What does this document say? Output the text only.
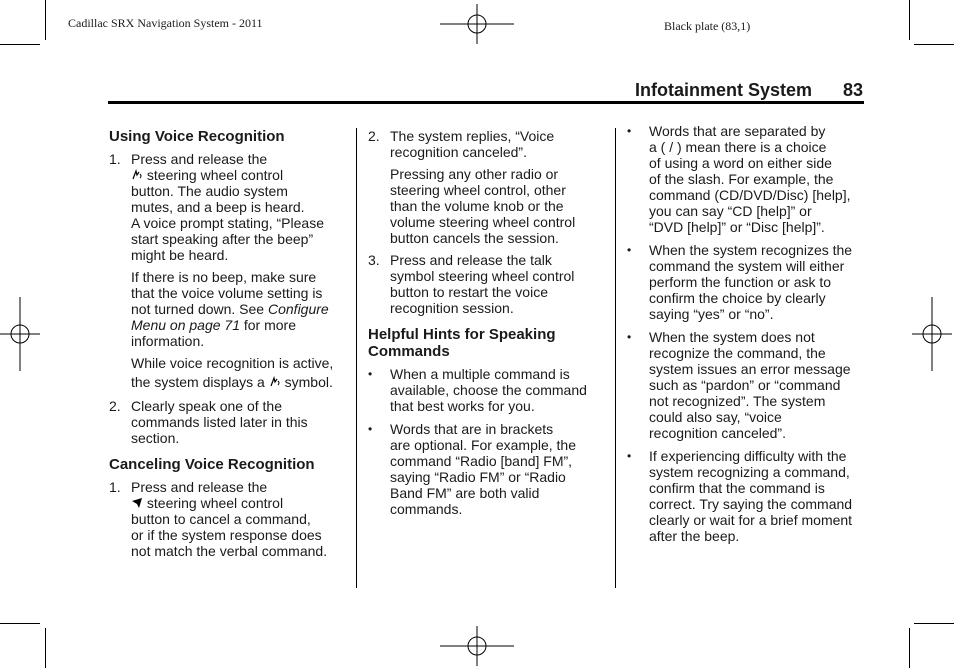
Cadillac SRX Navigation System - 2011	Black plate (83,1)
Infotainment System 83
Using Voice Recognition
1. Press and release the
steering wheel control
button. The audio system
mutes, and a beep is heard.
A voice prompt stating, “Please
start speaking after the beep”
might be heard.
If there is no beep, make sure
that the voice volume setting is
not turned down. See Configure
Menu on page 71 for more
information.
While voice recognition is active,
the system displays a symbol.
2. Clearly speak one of the
commands listed later in this
section.
Canceling Voice Recognition
1. Press and release the
steering wheel control
button to cancel a command,
or if the system response does
not match the verbal command.
2. The system replies, “Voice
recognition canceled”.
Pressing any other radio or
steering wheel control, other
than the volume knob or the
volume steering wheel control
button cancels the session.
3. Press and release the talk
symbol steering wheel control
button to restart the voice
recognition session.
Helpful Hints for Speaking
Commands
• When a multiple command is
available, choose the command
that best works for you.
• Words that are in brackets
are optional. For example, the
command “Radio [band] FM”,
saying “Radio FM” or “Radio
Band FM” are both valid
commands.
• Words that are separated by
a ( / ) mean there is a choice
of using a word on either side
of the slash. For example, the
command (CD/DVD/Disc) [help],
you can say “CD [help]” or
“DVD [help]” or “Disc [help]”.
• When the system recognizes the
command the system will either
perform the function or ask to
confirm the choice by clearly
saying “yes” or “no”.
• When the system does not
recognize the command, the
system issues an error message
such as “pardon” or “command
not recognized”. The system
could also say, “voice
recognition canceled”.
• If experiencing difficulty with the
system recognizing a command,
confirm that the command is
correct. Try saying the command
clearly or wait for a brief moment
after the beep.
